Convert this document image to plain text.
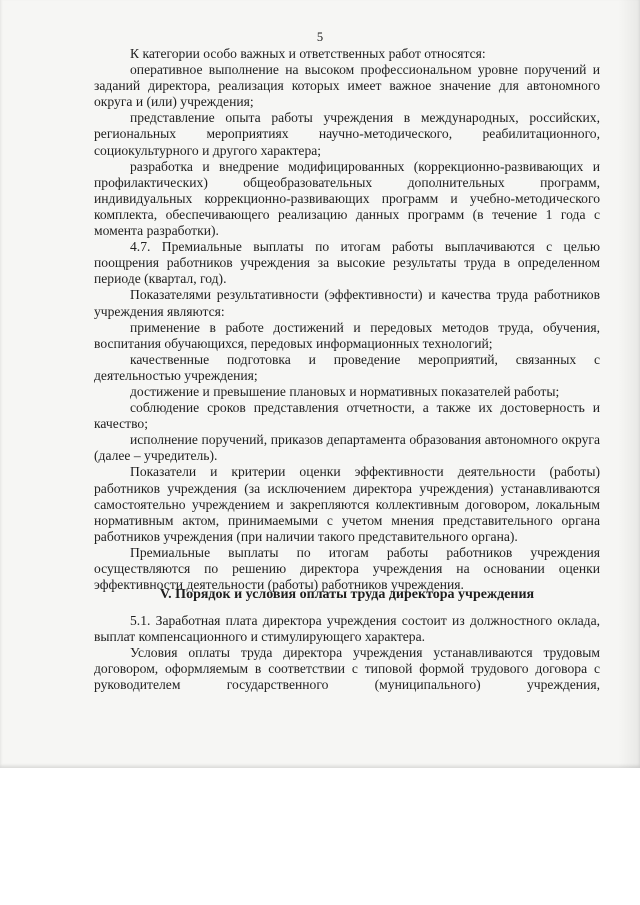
5

К категории особо важных и ответственных работ относятся:

оперативное выполнение на высоком профессиональном уровне поручений и заданий директора, реализация которых имеет важное значение для автономного округа и (или) учреждения;

представление опыта работы учреждения в международных, российских, региональных мероприятиях научно-методического, реабилитационного, социокультурного и другого характера;

разработка и внедрение модифицированных (коррекционно-развивающих и профилактических) общеобразовательных дополнительных программ, индивидуальных коррекционно-развивающих программ и учебно-методического комплекта, обеспечивающего реализацию данных программ (в течение 1 года с момента разработки).

4.7. Премиальные выплаты по итогам работы выплачиваются с целью поощрения работников учреждения за высокие результаты труда в определенном периоде (квартал, год).

Показателями результативности (эффективности) и качества труда работников учреждения являются:

применение в работе достижений и передовых методов труда, обучения, воспитания обучающихся, передовых информационных технологий;

качественные подготовка и проведение мероприятий, связанных с деятельностью учреждения;

достижение и превышение плановых и нормативных показателей работы;

соблюдение сроков представления отчетности, а также их достоверность и качество;

исполнение поручений, приказов департамента образования автономного округа (далее – учредитель).

Показатели и критерии оценки эффективности деятельности (работы) работников учреждения (за исключением директора учреждения) устанавливаются самостоятельно учреждением и закрепляются коллективным договором, локальным нормативным актом, принимаемыми с учетом мнения представительного органа работников учреждения (при наличии такого представительного органа).

Премиальные выплаты по итогам работы работников учреждения осуществляются по решению директора учреждения на основании оценки эффективности деятельности (работы) работников учреждения.

V. Порядок и условия оплаты труда директора учреждения

5.1. Заработная плата директора учреждения состоит из должностного оклада, выплат компенсационного и стимулирующего характера.

Условия оплаты труда директора учреждения устанавливаются трудовым договором, оформляемым в соответствии с типовой формой трудового договора с руководителем государственного (муниципального) учреждения,
